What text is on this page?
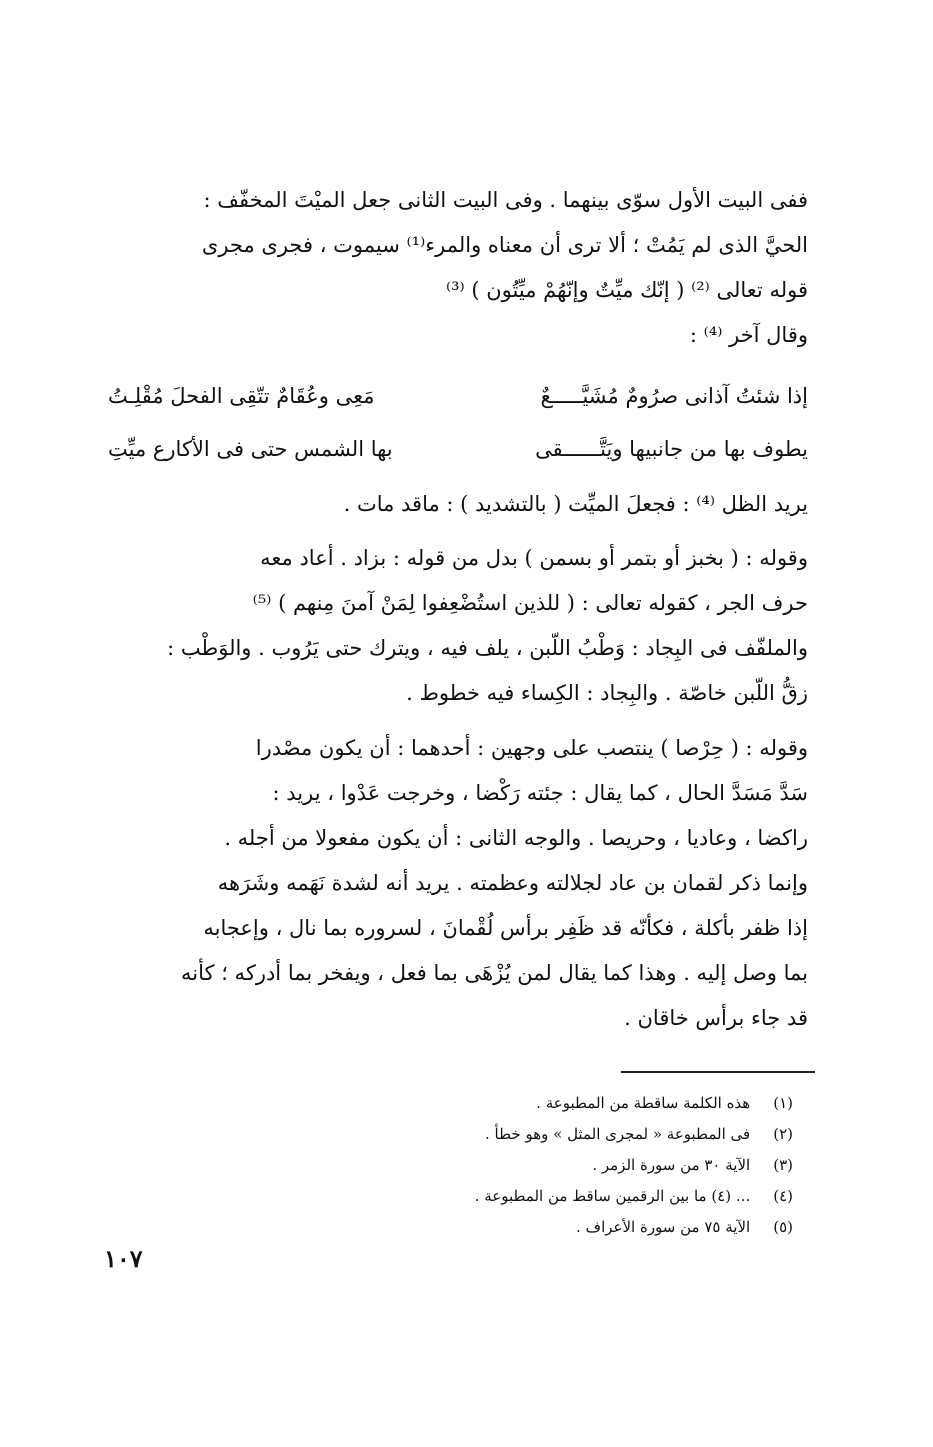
ففى البيت الأول سوّى بينهما . وفى البيت الثانى جعل الميْتَ المخفّف :
الحيَّ الذى لم يَمُتْ ؛ ألا ترى أن معناه والمرء⁽¹⁾ سيموت ، فجرى مجرى
قوله تعالى ⁽²⁾ ( إنّك ميِّتٌ وإنّهُمْ ميِّتُون ) ⁽³⁾
وقال آخر ⁽⁴⁾ :
إذا شئتُ آذانى صرُومٌ مُشَيَّـــــعٌ
مَعِى وعُقَامٌ تتّقِى الفحلَ مُقْلِـتُ
يطوف بها من جانبيها ويَتَّــــــقى
بها الشمس حتى فى الأكارع ميِّتِ
يريد الظل ⁽⁴⁾ : فجعلَ الميِّت ( بالتشديد ) : ماقد مات .
وقوله : ( بخبز أو بتمر أو بسمن ) بدل من قوله : بزاد . أعاد معه
حرف الجر ، كقوله تعالى : ( للذين استُضْعِفوا لِمَنْ آمنَ مِنهم ) ⁽⁵⁾
والملفّف فى البِجاد : وَطْبُ اللّبن ، يلف فيه ، ويترك حتى يَرُوب . والوَطْب :
زقُّ اللّبن خاصّة . والبِجاد : الكِساء فيه خطوط .
وقوله : ( حِرْصا ) ينتصب على وجهين : أحدهما : أن يكون مصْدرا
سَدَّ مَسَدَّ الحال ، كما يقال : جئته رَكْضا ، وخرجت عَدْوا ، يريد :
راكضا ، وعاديا ، وحريصا . والوجه الثانى : أن يكون مفعولا من أجله .
وإنما ذكر لقمان بن عاد لجلالته وعظمته . يريد أنه لشدة نَهَمه وشَرَهه
إذا ظفر بأكلة ، فكأنّه قد ظَفِر برأس لُقْمانَ ، لسروره بما نال ، وإعجابه
بما وصل إليه . وهذا كما يقال لمن يُزْهَى بما فعل ، ويفخر بما أدركه ؛ كأنه
قد جاء برأس خاقان .
(١) هذه الكلمة ساقطة من المطبوعة .
(٢) فى المطبوعة « لمجرى المثل » وهو خطأ .
(٣) الآية ٣٠ من سورة الزمر .
(٤) ... (٤) ما بين الرقمين ساقط من المطبوعة .
(٥) الآية ٧٥ من سورة الأعراف .
١٠٧
